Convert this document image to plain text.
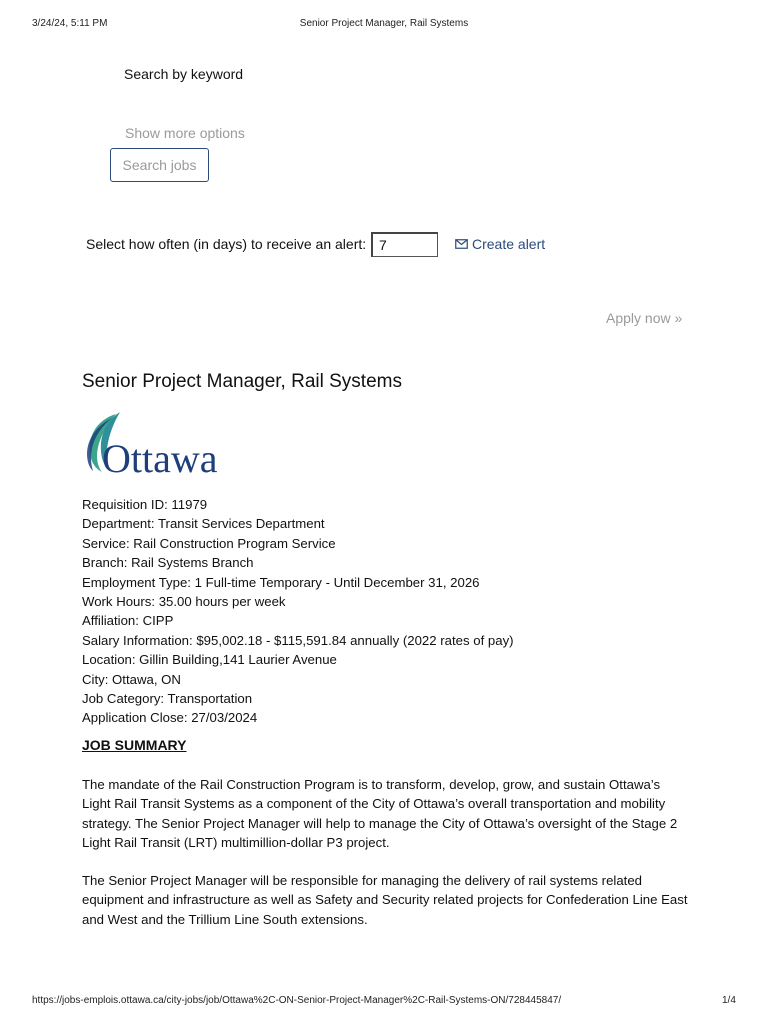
3/24/24, 5:11 PM	Senior Project Manager, Rail Systems
Search by keyword
Show more options
Search jobs
Select how often (in days) to receive an alert:
7	Create alert
Apply now »
Senior Project Manager, Rail Systems
Ottawa
Requisition ID: 11979
Department: Transit Services Department
Service: Rail Construction Program Service
Branch: Rail Systems Branch
Employment Type: 1 Full-time Temporary - Until December 31, 2026
Work Hours: 35.00 hours per week
Affiliation: CIPP
Salary Information: $95,002.18 - $115,591.84 annually (2022 rates of pay)
Location: Gillin Building,141 Laurier Avenue
City: Ottawa, ON
Job Category: Transportation
Application Close: 27/03/2024
JOB SUMMARY

The mandate of the Rail Construction Program is to transform, develop, grow, and sustain Ottawa’s Light Rail Transit Systems as a component of the City of Ottawa’s overall transportation and mobility strategy. The Senior Project Manager will help to manage the City of Ottawa’s oversight of the Stage 2 Light Rail Transit (LRT) multimillion-dollar P3 project.

The Senior Project Manager will be responsible for managing the delivery of rail systems related equipment and infrastructure as well as Safety and Security related projects for Confederation Line East and West and the Trillium Line South extensions.

https://jobs-emplois.ottawa.ca/city-jobs/job/Ottawa%2C-ON-Senior-Project-Manager%2C-Rail-Systems-ON/728445847/	1/4
